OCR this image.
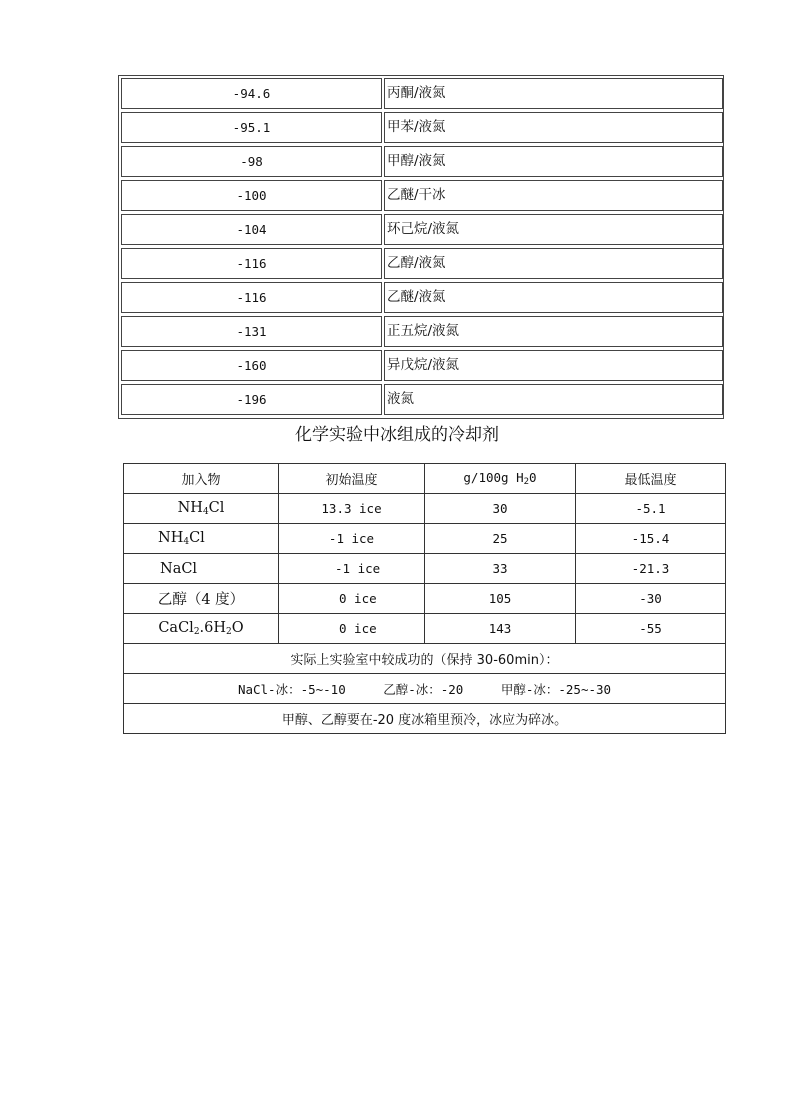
-94.6	丙酮/液氮
-95.1	甲苯/液氮
-98	甲醇/液氮
-100	乙醚/干冰
-104	环己烷/液氮
-116	乙醇/液氮
-116	乙醚/液氮
-131	正五烷/液氮
-160	异戊烷/液氮
-196	液氮
化学实验中冰组成的冷却剂
加入物	初始温度	g/100g $H_20$	最低温度
$NH_4Cl$	13.3 ice	30	-5.1
$NH_4Cl$	-1 ice	25	-15.4
NaCl	-1 ice	33	-21.3
乙醇（4 度）	0 ice	105	-30
$CaCl_2.6H_2O$	0 ice	143	-55
实际上实验室中较成功的（保持 30-60min）：			
NaCl-冰：-5~-10　　　乙醇-冰：-20　　　甲醇-冰：-25~-30			
甲醇、乙醇要在-20 度冰箱里预冷，冰应为碎冰。			
